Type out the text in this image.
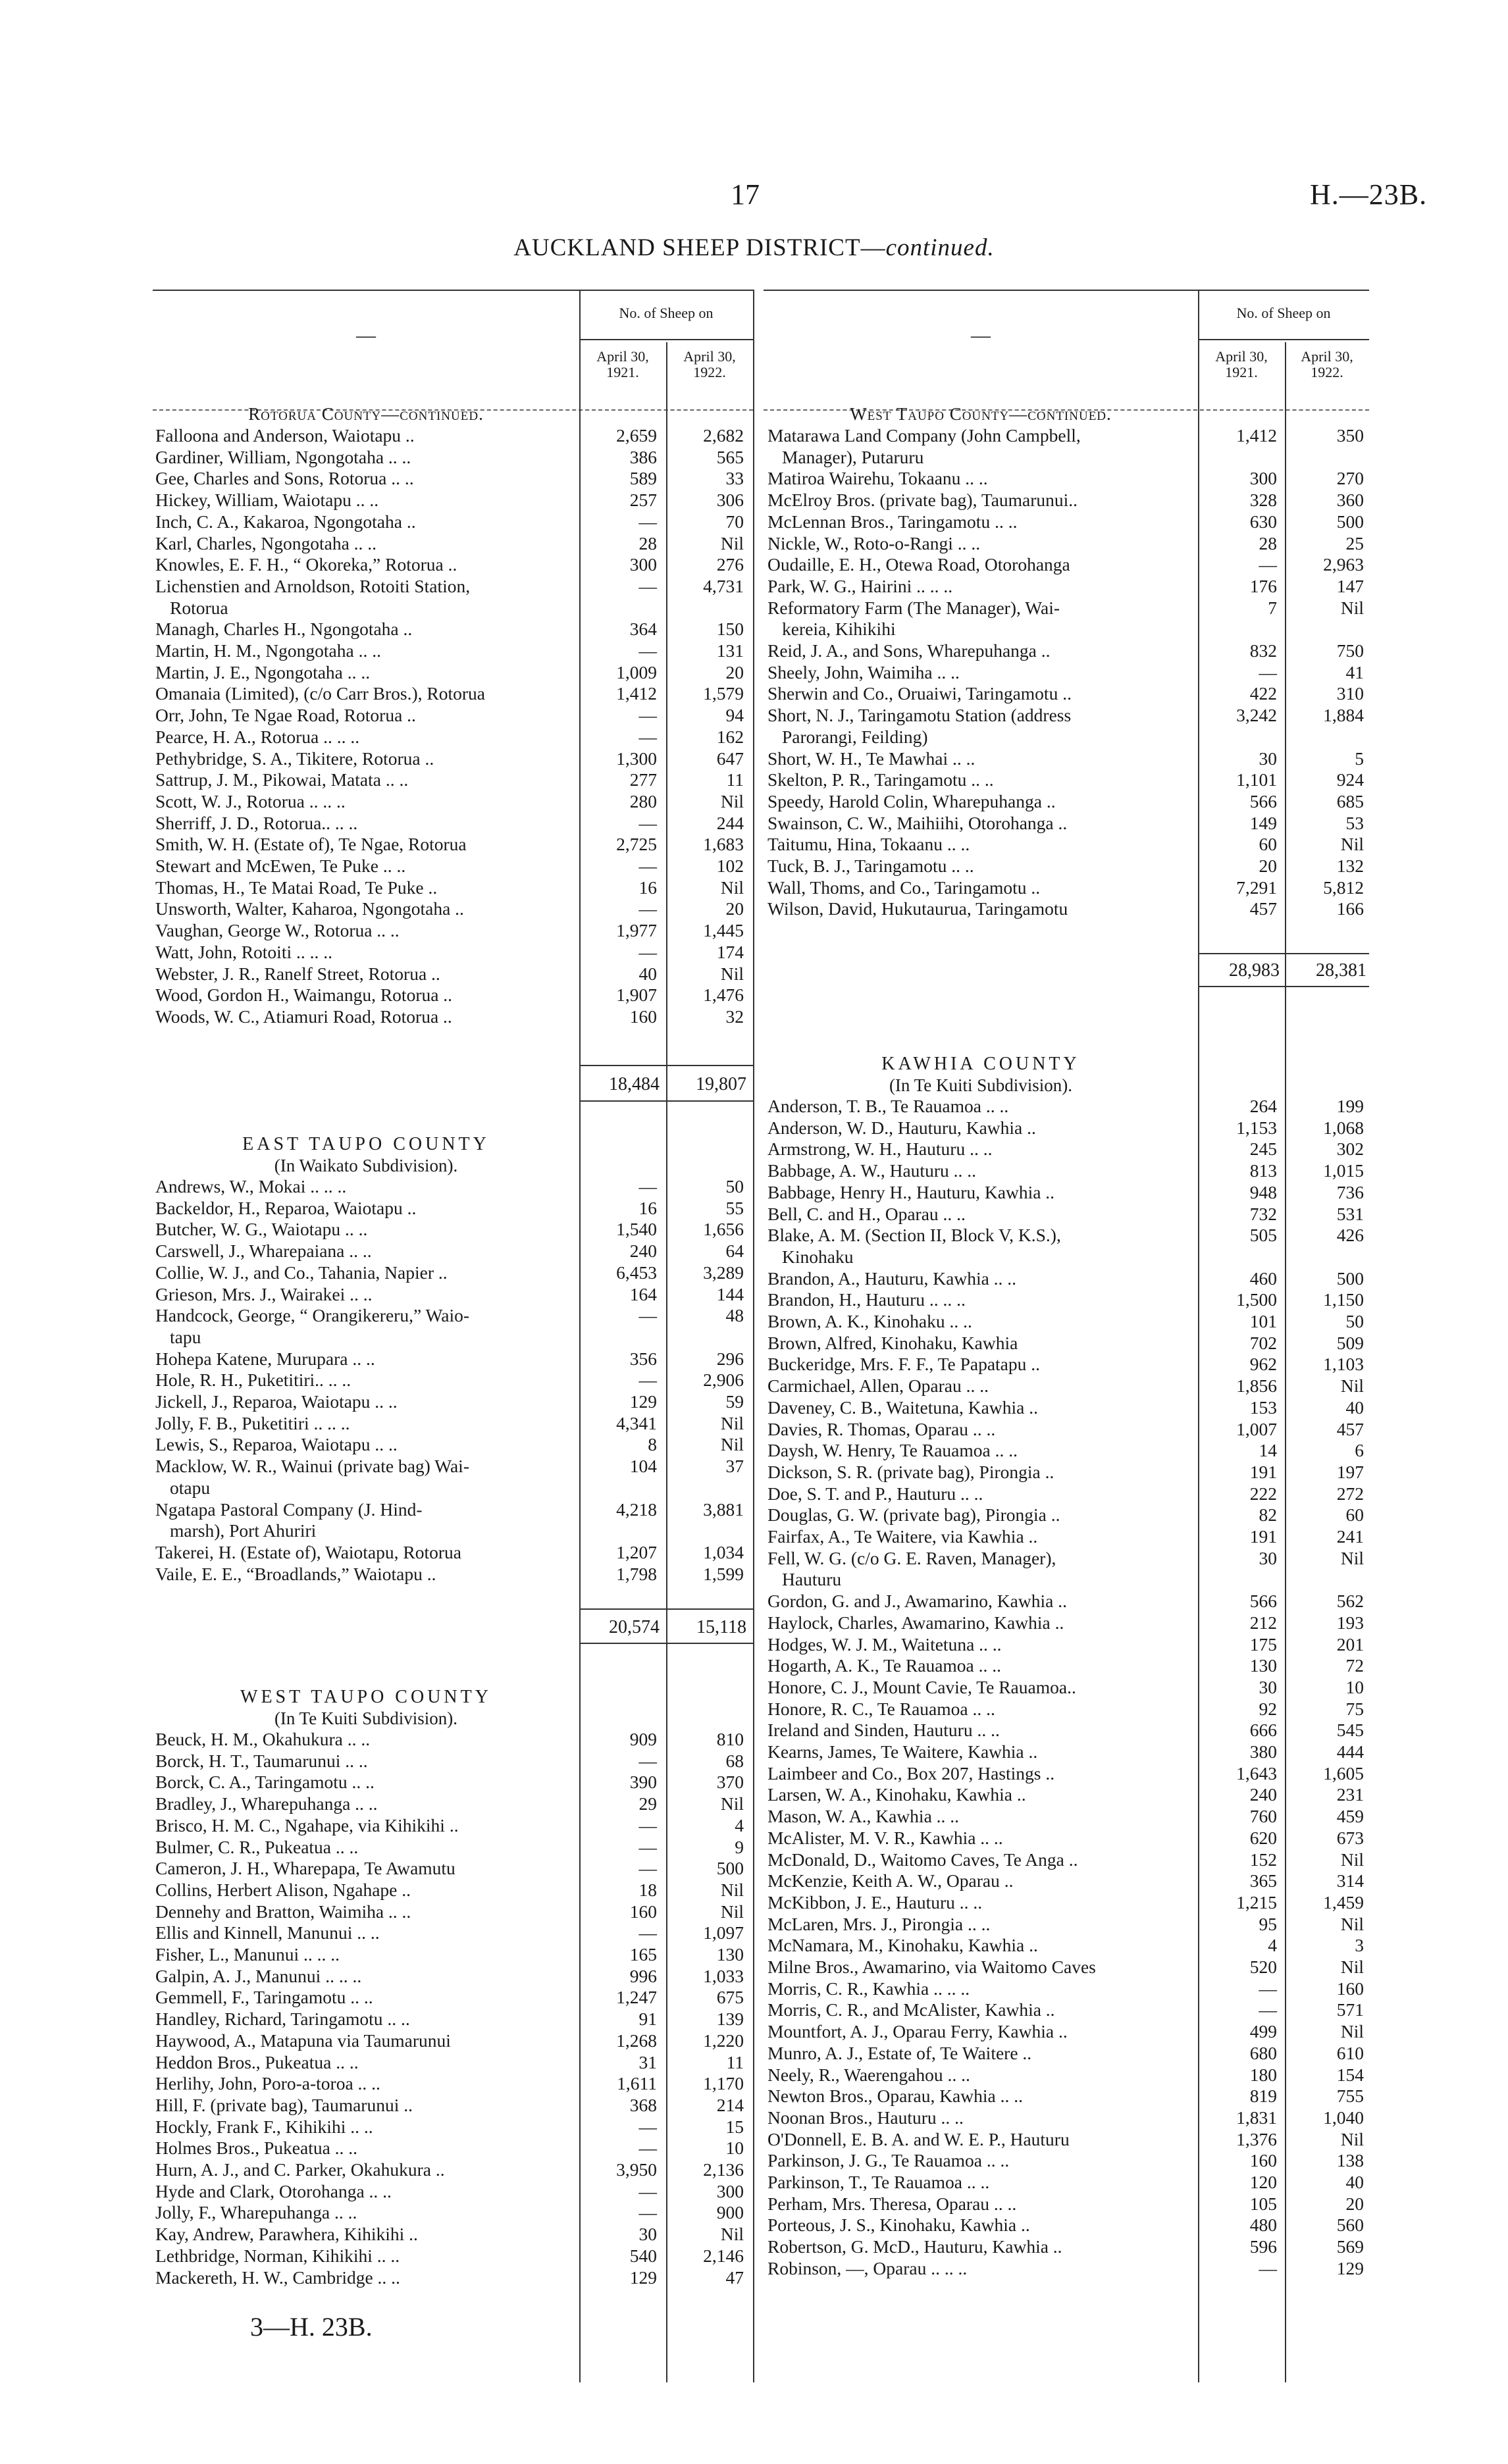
17	H.—23B.
AUCKLAND SHEEP DISTRICT—continued.
No. of Sheep on	No. of Sheep on
—	—
April 30, 1921.
April 30, 1922.
April 30, 1921.
April 30, 1922.
Rotorua County—continued.
Falloona and Anderson, Waiotapu ..	2,659	2,682
Gardiner, William, Ngongotaha .. ..	386	565
Gee, Charles and Sons, Rotorua .. ..	589	33
Hickey, William, Waiotapu .. ..	257	306
Inch, C. A., Kakaroa, Ngongotaha ..	—	70
Karl, Charles, Ngongotaha .. ..	28	Nil
Knowles, E. F. H., “ Okoreka,” Rotorua ..	300	276
Lichenstien and Arnoldson, Rotoiti Station,	—	4,731
Rotorua
Managh, Charles H., Ngongotaha ..	364	150
Martin, H. M., Ngongotaha .. ..	—	131
Martin, J. E., Ngongotaha .. ..	1,009	20
Omanaia (Limited), (c/o Carr Bros.), Rotorua	1,412	1,579
Orr, John, Te Ngae Road, Rotorua ..	—	94
Pearce, H. A., Rotorua .. .. ..	—	162
Pethybridge, S. A., Tikitere, Rotorua ..	1,300	647
Sattrup, J. M., Pikowai, Matata .. ..	277	11
Scott, W. J., Rotorua .. .. ..	280	Nil
Sherriff, J. D., Rotorua.. .. ..	—	244
Smith, W. H. (Estate of), Te Ngae, Rotorua	2,725	1,683
Stewart and McEwen, Te Puke .. ..	—	102
Thomas, H., Te Matai Road, Te Puke ..	16	Nil
Unsworth, Walter, Kaharoa, Ngongotaha ..	—	20
Vaughan, George W., Rotorua .. ..	1,977	1,445
Watt, John, Rotoiti .. .. ..	—	174
Webster, J. R., Ranelf Street, Rotorua ..	40	Nil
Wood, Gordon H., Waimangu, Rotorua ..	1,907	1,476
Woods, W. C., Atiamuri Road, Rotorua ..	160	32
18,484	19,807
EAST TAUPO COUNTY
(In Waikato Subdivision).
Andrews, W., Mokai .. .. ..	—	50
Backeldor, H., Reparoa, Waiotapu ..	16	55
Butcher, W. G., Waiotapu .. ..	1,540	1,656
Carswell, J., Wharepaiana .. ..	240	64
Collie, W. J., and Co., Tahania, Napier ..	6,453	3,289
Grieson, Mrs. J., Wairakei .. ..	164	144
Handcock, George, “ Orangikereru,” Waio-	—	48
tapu
Hohepa Katene, Murupara .. ..	356	296
Hole, R. H., Puketitiri.. .. ..	—	2,906
Jickell, J., Reparoa, Waiotapu .. ..	129	59
Jolly, F. B., Puketitiri .. .. ..	4,341	Nil
Lewis, S., Reparoa, Waiotapu .. ..	8	Nil
Macklow, W. R., Wainui (private bag) Wai-	104	37
otapu
Ngatapa Pastoral Company (J. Hind-	4,218	3,881
marsh), Port Ahuriri
Takerei, H. (Estate of), Waiotapu, Rotorua	1,207	1,034
Vaile, E. E., “Broadlands,” Waiotapu ..	1,798	1,599
20,574	15,118
WEST TAUPO COUNTY
(In Te Kuiti Subdivision).
Beuck, H. M., Okahukura .. ..	909	810
Borck, H. T., Taumarunui .. ..	—	68
Borck, C. A., Taringamotu .. ..	390	370
Bradley, J., Wharepuhanga .. ..	29	Nil
Brisco, H. M. C., Ngahape, via Kihikihi ..	—	4
Bulmer, C. R., Pukeatua .. ..	—	9
Cameron, J. H., Wharepapa, Te Awamutu	—	500
Collins, Herbert Alison, Ngahape ..	18	Nil
Dennehy and Bratton, Waimiha .. ..	160	Nil
Ellis and Kinnell, Manunui .. ..	—	1,097
Fisher, L., Manunui .. .. ..	165	130
Galpin, A. J., Manunui .. .. ..	996	1,033
Gemmell, F., Taringamotu .. ..	1,247	675
Handley, Richard, Taringamotu .. ..	91	139
Haywood, A., Matapuna via Taumarunui	1,268	1,220
Heddon Bros., Pukeatua .. ..	31	11
Herlihy, John, Poro-a-toroa .. ..	1,611	1,170
Hill, F. (private bag), Taumarunui ..	368	214
Hockly, Frank F., Kihikihi .. ..	—	15
Holmes Bros., Pukeatua .. ..	—	10
Hurn, A. J., and C. Parker, Okahukura ..	3,950	2,136
Hyde and Clark, Otorohanga .. ..	—	300
Jolly, F., Wharepuhanga .. ..	—	900
Kay, Andrew, Parawhera, Kihikihi ..	30	Nil
Lethbridge, Norman, Kihikihi .. ..	540	2,146
Mackereth, H. W., Cambridge .. ..	129	47
West Taupo County—continued.
Matarawa Land Company (John Campbell,	1,412	350
Manager), Putaruru
Matiroa Wairehu, Tokaanu .. ..	300	270
McElroy Bros. (private bag), Taumarunui..	328	360
McLennan Bros., Taringamotu .. ..	630	500
Nickle, W., Roto-o-Rangi .. ..	28	25
Oudaille, E. H., Otewa Road, Otorohanga	—	2,963
Park, W. G., Hairini .. .. ..	176	147
Reformatory Farm (The Manager), Wai-	7	Nil
kereia, Kihikihi
Reid, J. A., and Sons, Wharepuhanga ..	832	750
Sheely, John, Waimiha .. ..	—	41
Sherwin and Co., Oruaiwi, Taringamotu ..	422	310
Short, N. J., Taringamotu Station (address	3,242	1,884
Parorangi, Feilding)
Short, W. H., Te Mawhai .. ..	30	5
Skelton, P. R., Taringamotu .. ..	1,101	924
Speedy, Harold Colin, Wharepuhanga ..	566	685
Swainson, C. W., Maihiihi, Otorohanga ..	149	53
Taitumu, Hina, Tokaanu .. ..	60	Nil
Tuck, B. J., Taringamotu .. ..	20	132
Wall, Thoms, and Co., Taringamotu ..	7,291	5,812
Wilson, David, Hukutaurua, Taringamotu	457	166
28,983	28,381
KAWHIA COUNTY
(In Te Kuiti Subdivision).
Anderson, T. B., Te Rauamoa .. ..	264	199
Anderson, W. D., Hauturu, Kawhia ..	1,153	1,068
Armstrong, W. H., Hauturu .. ..	245	302
Babbage, A. W., Hauturu .. ..	813	1,015
Babbage, Henry H., Hauturu, Kawhia ..	948	736
Bell, C. and H., Oparau .. ..	732	531
Blake, A. M. (Section II, Block V, K.S.),	505	426
Kinohaku
Brandon, A., Hauturu, Kawhia .. ..	460	500
Brandon, H., Hauturu .. .. ..	1,500	1,150
Brown, A. K., Kinohaku .. ..	101	50
Brown, Alfred, Kinohaku, Kawhia	702	509
Buckeridge, Mrs. F. F., Te Papatapu ..	962	1,103
Carmichael, Allen, Oparau .. ..	1,856	Nil
Daveney, C. B., Waitetuna, Kawhia ..	153	40
Davies, R. Thomas, Oparau .. ..	1,007	457
Daysh, W. Henry, Te Rauamoa .. ..	14	6
Dickson, S. R. (private bag), Pirongia ..	191	197
Doe, S. T. and P., Hauturu .. ..	222	272
Douglas, G. W. (private bag), Pirongia ..	82	60
Fairfax, A., Te Waitere, via Kawhia ..	191	241
Fell, W. G. (c/o G. E. Raven, Manager),	30	Nil
Hauturu
Gordon, G. and J., Awamarino, Kawhia ..	566	562
Haylock, Charles, Awamarino, Kawhia ..	212	193
Hodges, W. J. M., Waitetuna .. ..	175	201
Hogarth, A. K., Te Rauamoa .. ..	130	72
Honore, C. J., Mount Cavie, Te Rauamoa..	30	10
Honore, R. C., Te Rauamoa .. ..	92	75
Ireland and Sinden, Hauturu .. ..	666	545
Kearns, James, Te Waitere, Kawhia ..	380	444
Laimbeer and Co., Box 207, Hastings ..	1,643	1,605
Larsen, W. A., Kinohaku, Kawhia ..	240	231
Mason, W. A., Kawhia .. ..	760	459
McAlister, M. V. R., Kawhia .. ..	620	673
McDonald, D., Waitomo Caves, Te Anga ..	152	Nil
McKenzie, Keith A. W., Oparau ..	365	314
McKibbon, J. E., Hauturu .. ..	1,215	1,459
McLaren, Mrs. J., Pirongia .. ..	95	Nil
McNamara, M., Kinohaku, Kawhia ..	4	3
Milne Bros., Awamarino, via Waitomo Caves	520	Nil
Morris, C. R., Kawhia .. .. ..	—	160
Morris, C. R., and McAlister, Kawhia ..	—	571
Mountfort, A. J., Oparau Ferry, Kawhia ..	499	Nil
Munro, A. J., Estate of, Te Waitere ..	680	610
Neely, R., Waerengahou .. ..	180	154
Newton Bros., Oparau, Kawhia .. ..	819	755
Noonan Bros., Hauturu .. ..	1,831	1,040
O'Donnell, E. B. A. and W. E. P., Hauturu	1,376	Nil
Parkinson, J. G., Te Rauamoa .. ..	160	138
Parkinson, T., Te Rauamoa .. ..	120	40
Perham, Mrs. Theresa, Oparau .. ..	105	20
Porteous, J. S., Kinohaku, Kawhia ..	480	560
Robertson, G. McD., Hauturu, Kawhia ..	596	569
Robinson, —, Oparau .. .. ..	—	129
3—H. 23B.
